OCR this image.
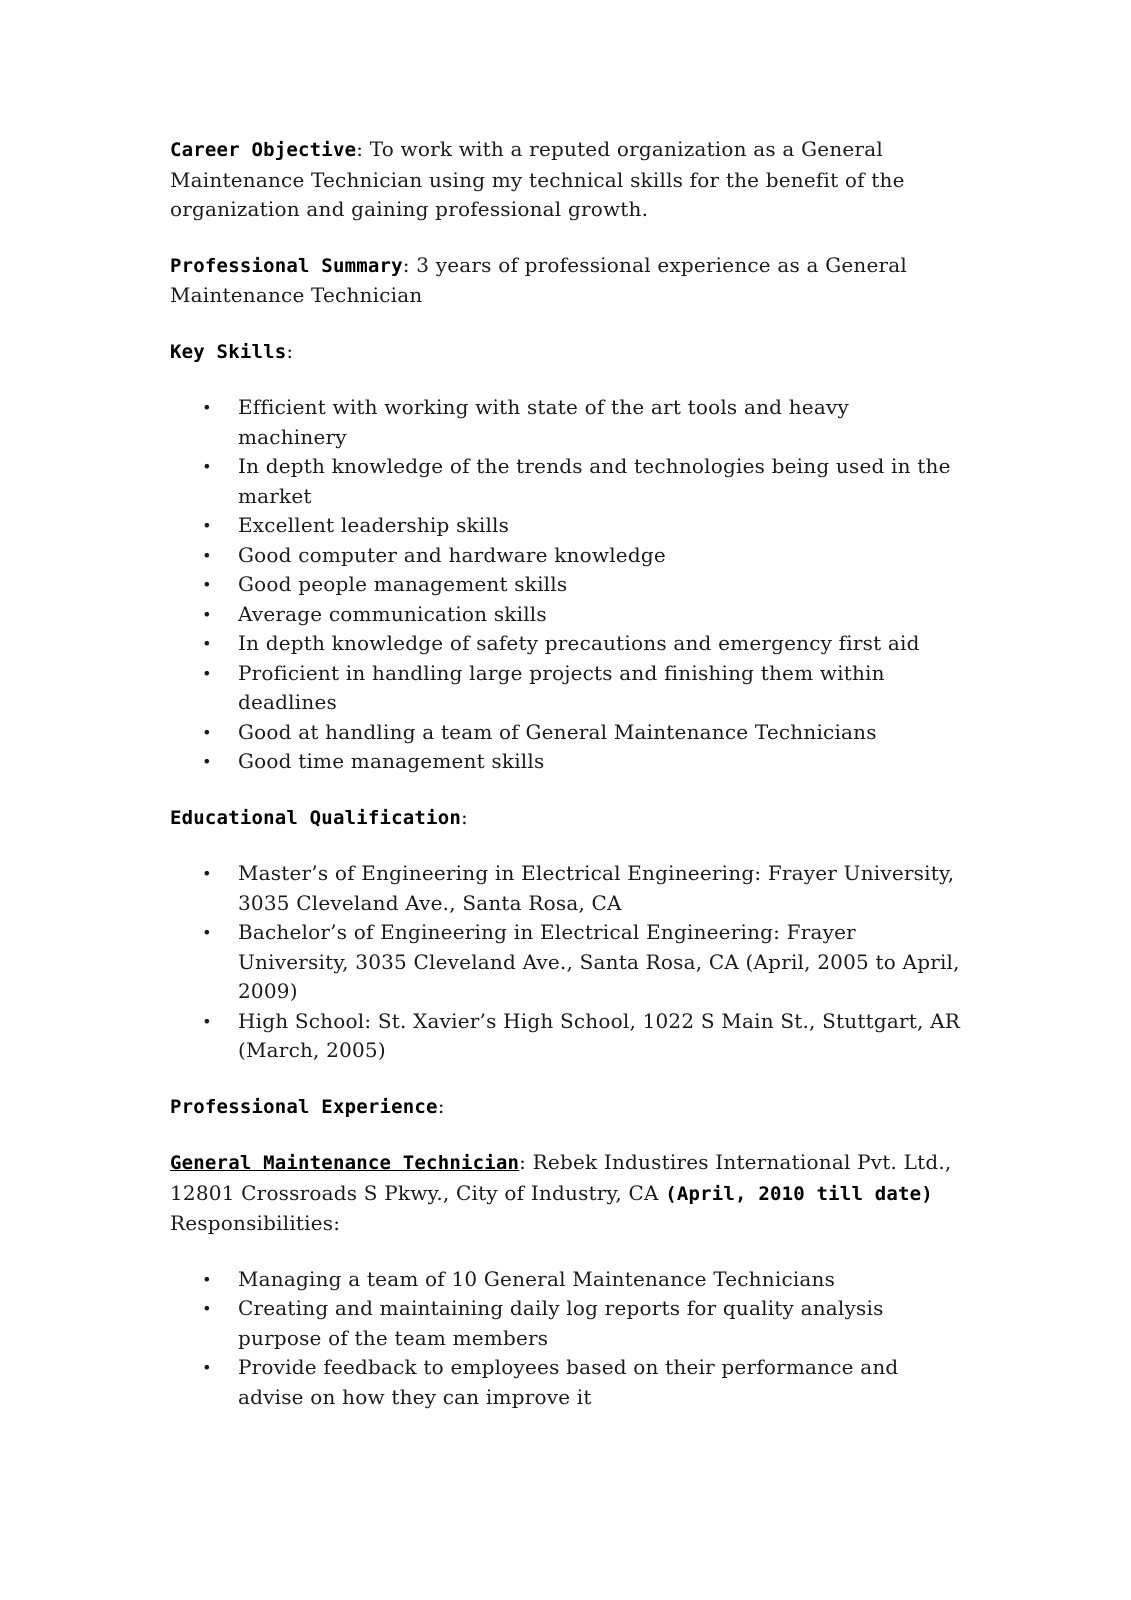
Career Objective: To work with a reputed organization as a General Maintenance Technician using my technical skills for the benefit of the organization and gaining professional growth.

Professional Summary: 3 years of professional experience as a General Maintenance Technician

Key Skills:

• Efficient with working with state of the art tools and heavy machinery
• In depth knowledge of the trends and technologies being used in the market
• Excellent leadership skills
• Good computer and hardware knowledge
• Good people management skills
• Average communication skills
• In depth knowledge of safety precautions and emergency first aid
• Proficient in handling large projects and finishing them within deadlines
• Good at handling a team of General Maintenance Technicians
• Good time management skills

Educational Qualification:

• Master’s of Engineering in Electrical Engineering: Frayer University, 3035 Cleveland Ave., Santa Rosa, CA
• Bachelor’s of Engineering in Electrical Engineering: Frayer University, 3035 Cleveland Ave., Santa Rosa, CA (April, 2005 to April, 2009)
• High School: St. Xavier’s High School, 1022 S Main St., Stuttgart, AR (March, 2005)

Professional Experience:

General Maintenance Technician: Rebek Industires International Pvt. Ltd., 12801 Crossroads S Pkwy., City of Industry, CA (April, 2010 till date)
Responsibilities:

• Managing a team of 10 General Maintenance Technicians
• Creating and maintaining daily log reports for quality analysis purpose of the team members
• Provide feedback to employees based on their performance and advise on how they can improve it
